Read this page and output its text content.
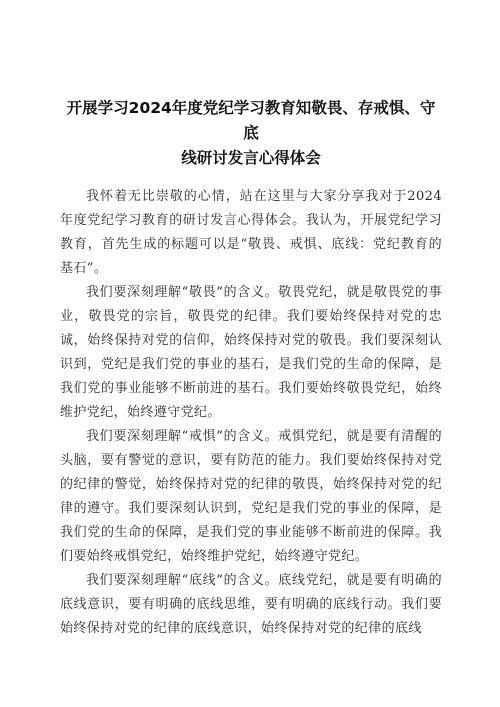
开展学习2024年度党纪学习教育知敬畏、存戒惧、守底
线研讨发言心得体会

我怀着无比崇敬的心情，站在这里与大家分享我对于2024年度党纪学习教育的研讨发言心得体会。我认为，开展党纪学习教育，首先生成的标题可以是“敬畏、戒惧、底线：党纪教育的基石”。

我们要深刻理解“敬畏”的含义。敬畏党纪，就是敬畏党的事业，敬畏党的宗旨，敬畏党的纪律。我们要始终保持对党的忠诚，始终保持对党的信仰，始终保持对党的敬畏。我们要深刻认识到，党纪是我们党的事业的基石，是我们党的生命的保障，是我们党的事业能够不断前进的基石。我们要始终敬畏党纪，始终维护党纪，始终遵守党纪。

我们要深刻理解“戒惧”的含义。戒惧党纪，就是要有清醒的头脑，要有警觉的意识，要有防范的能力。我们要始终保持对党的纪律的警觉，始终保持对党的纪律的敬畏，始终保持对党的纪律的遵守。我们要深刻认识到，党纪是我们党的事业的保障，是我们党的生命的保障，是我们党的事业能够不断前进的保障。我们要始终戒惧党纪，始终维护党纪，始终遵守党纪。

我们要深刻理解“底线”的含义。底线党纪，就是要有明确的底线意识，要有明确的底线思维，要有明确的底线行动。我们要始终保持对党的纪律的底线意识，始终保持对党的纪律的底线
